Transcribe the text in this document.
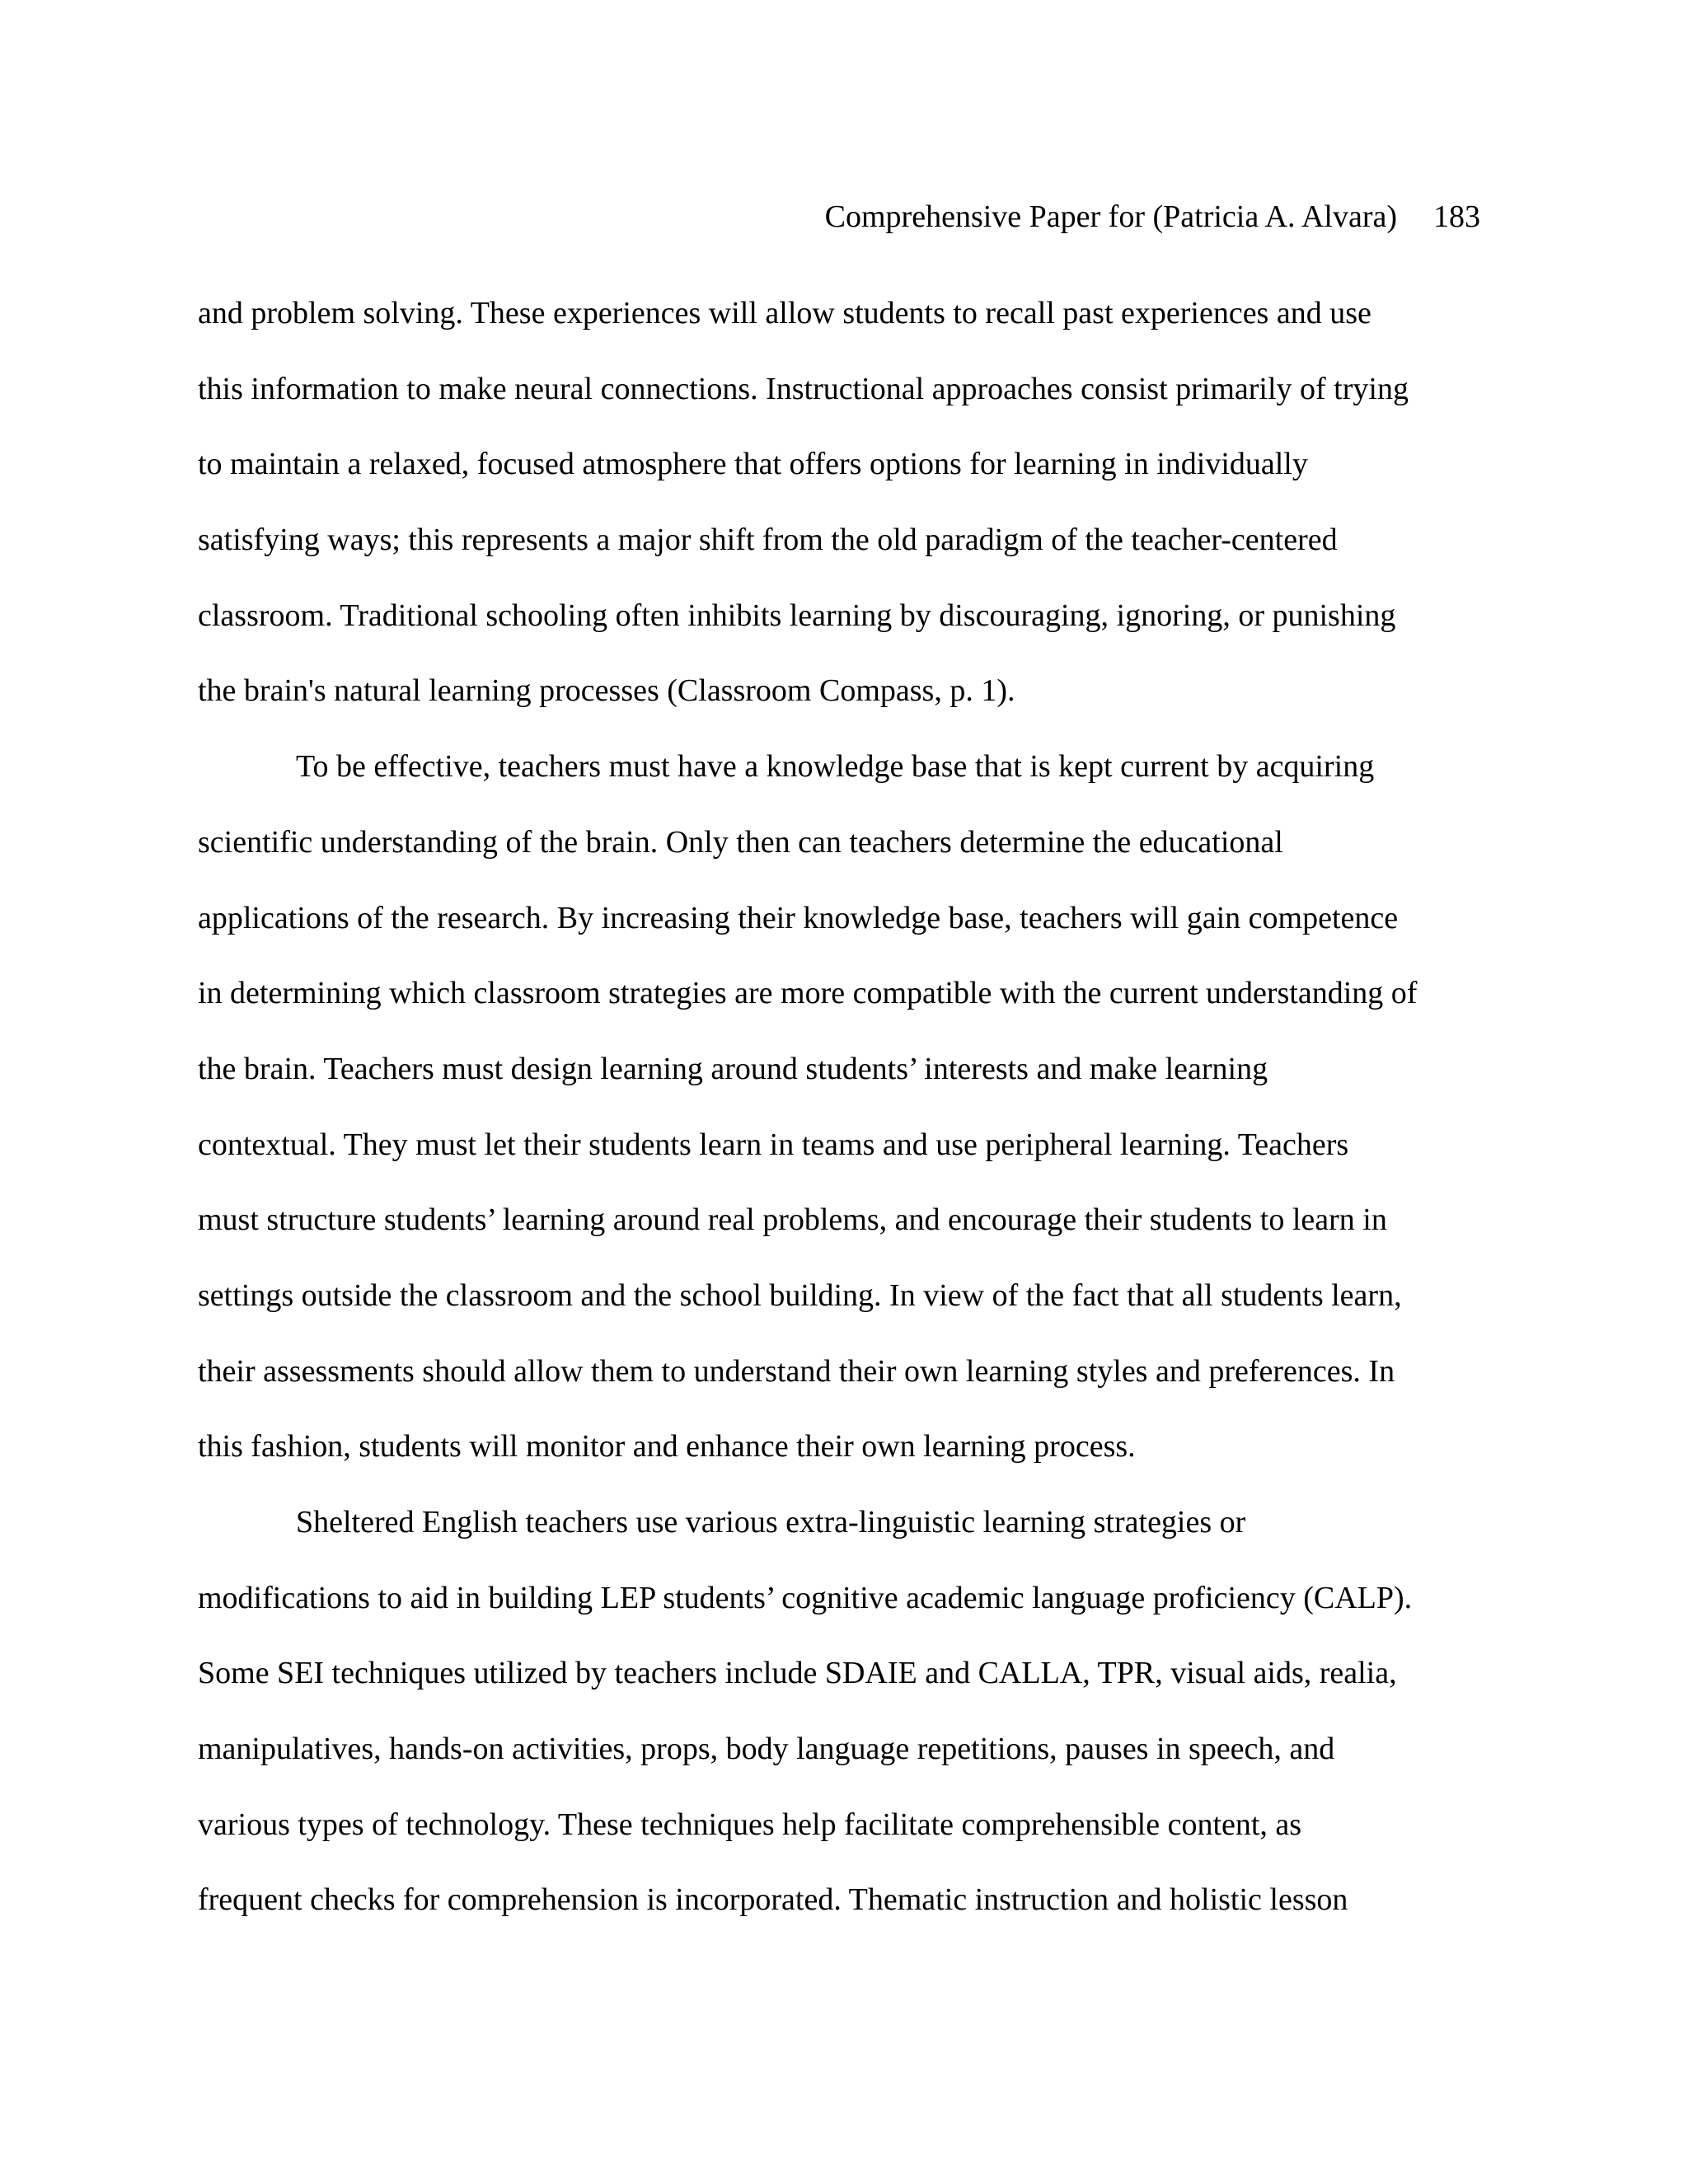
Comprehensive Paper for (Patricia A. Alvara) 183
and problem solving. These experiences will allow students to recall past experiences and use
this information to make neural connections. Instructional approaches consist primarily of trying
to maintain a relaxed, focused atmosphere that offers options for learning in individually
satisfying ways; this represents a major shift from the old paradigm of the teacher-centered
classroom. Traditional schooling often inhibits learning by discouraging, ignoring, or punishing
the brain's natural learning processes (Classroom Compass, p. 1).
To be effective, teachers must have a knowledge base that is kept current by acquiring
scientific understanding of the brain. Only then can teachers determine the educational
applications of the research. By increasing their knowledge base, teachers will gain competence
in determining which classroom strategies are more compatible with the current understanding of
the brain. Teachers must design learning around students’ interests and make learning
contextual. They must let their students learn in teams and use peripheral learning. Teachers
must structure students’ learning around real problems, and encourage their students to learn in
settings outside the classroom and the school building. In view of the fact that all students learn,
their assessments should allow them to understand their own learning styles and preferences. In
this fashion, students will monitor and enhance their own learning process.
Sheltered English teachers use various extra-linguistic learning strategies or
modifications to aid in building LEP students’ cognitive academic language proficiency (CALP).
Some SEI techniques utilized by teachers include SDAIE and CALLA, TPR, visual aids, realia,
manipulatives, hands-on activities, props, body language repetitions, pauses in speech, and
various types of technology. These techniques help facilitate comprehensible content, as
frequent checks for comprehension is incorporated. Thematic instruction and holistic lesson
